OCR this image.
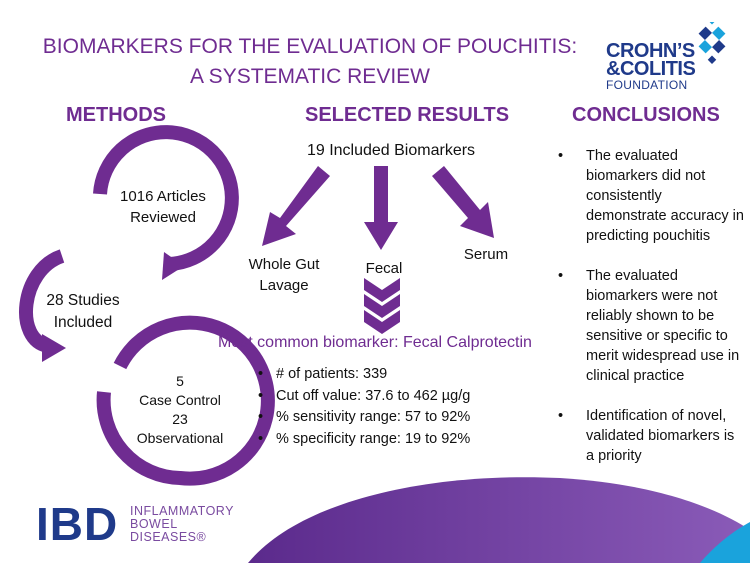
BIOMARKERS FOR THE EVALUATION OF POUCHITIS:
A SYSTEMATIC REVIEW
CROHN’S
&COLITIS
FOUNDATION
METHODS	SELECTED RESULTS	CONCLUSIONS
1016 Articles
Reviewed
28 Studies
Included
5
Case Control
23
Observational
19 Included Biomarkers
Whole Gut
Lavage
Fecal
Serum
Most common biomarker: Fecal Calprotectin
• # of patients: 339
• Cut off value: 37.6 to 462 µg/g
• % sensitivity range: 57 to 92%
• % specificity range: 19 to 92%
• The evaluated biomarkers did not consistently demonstrate accuracy in predicting pouchitis
• The evaluated biomarkers were not reliably shown to be sensitive or specific to merit widespread use in clinical practice
• Identification of novel, validated biomarkers is a priority
IBD INFLAMMATORY
BOWEL
DISEASES®
